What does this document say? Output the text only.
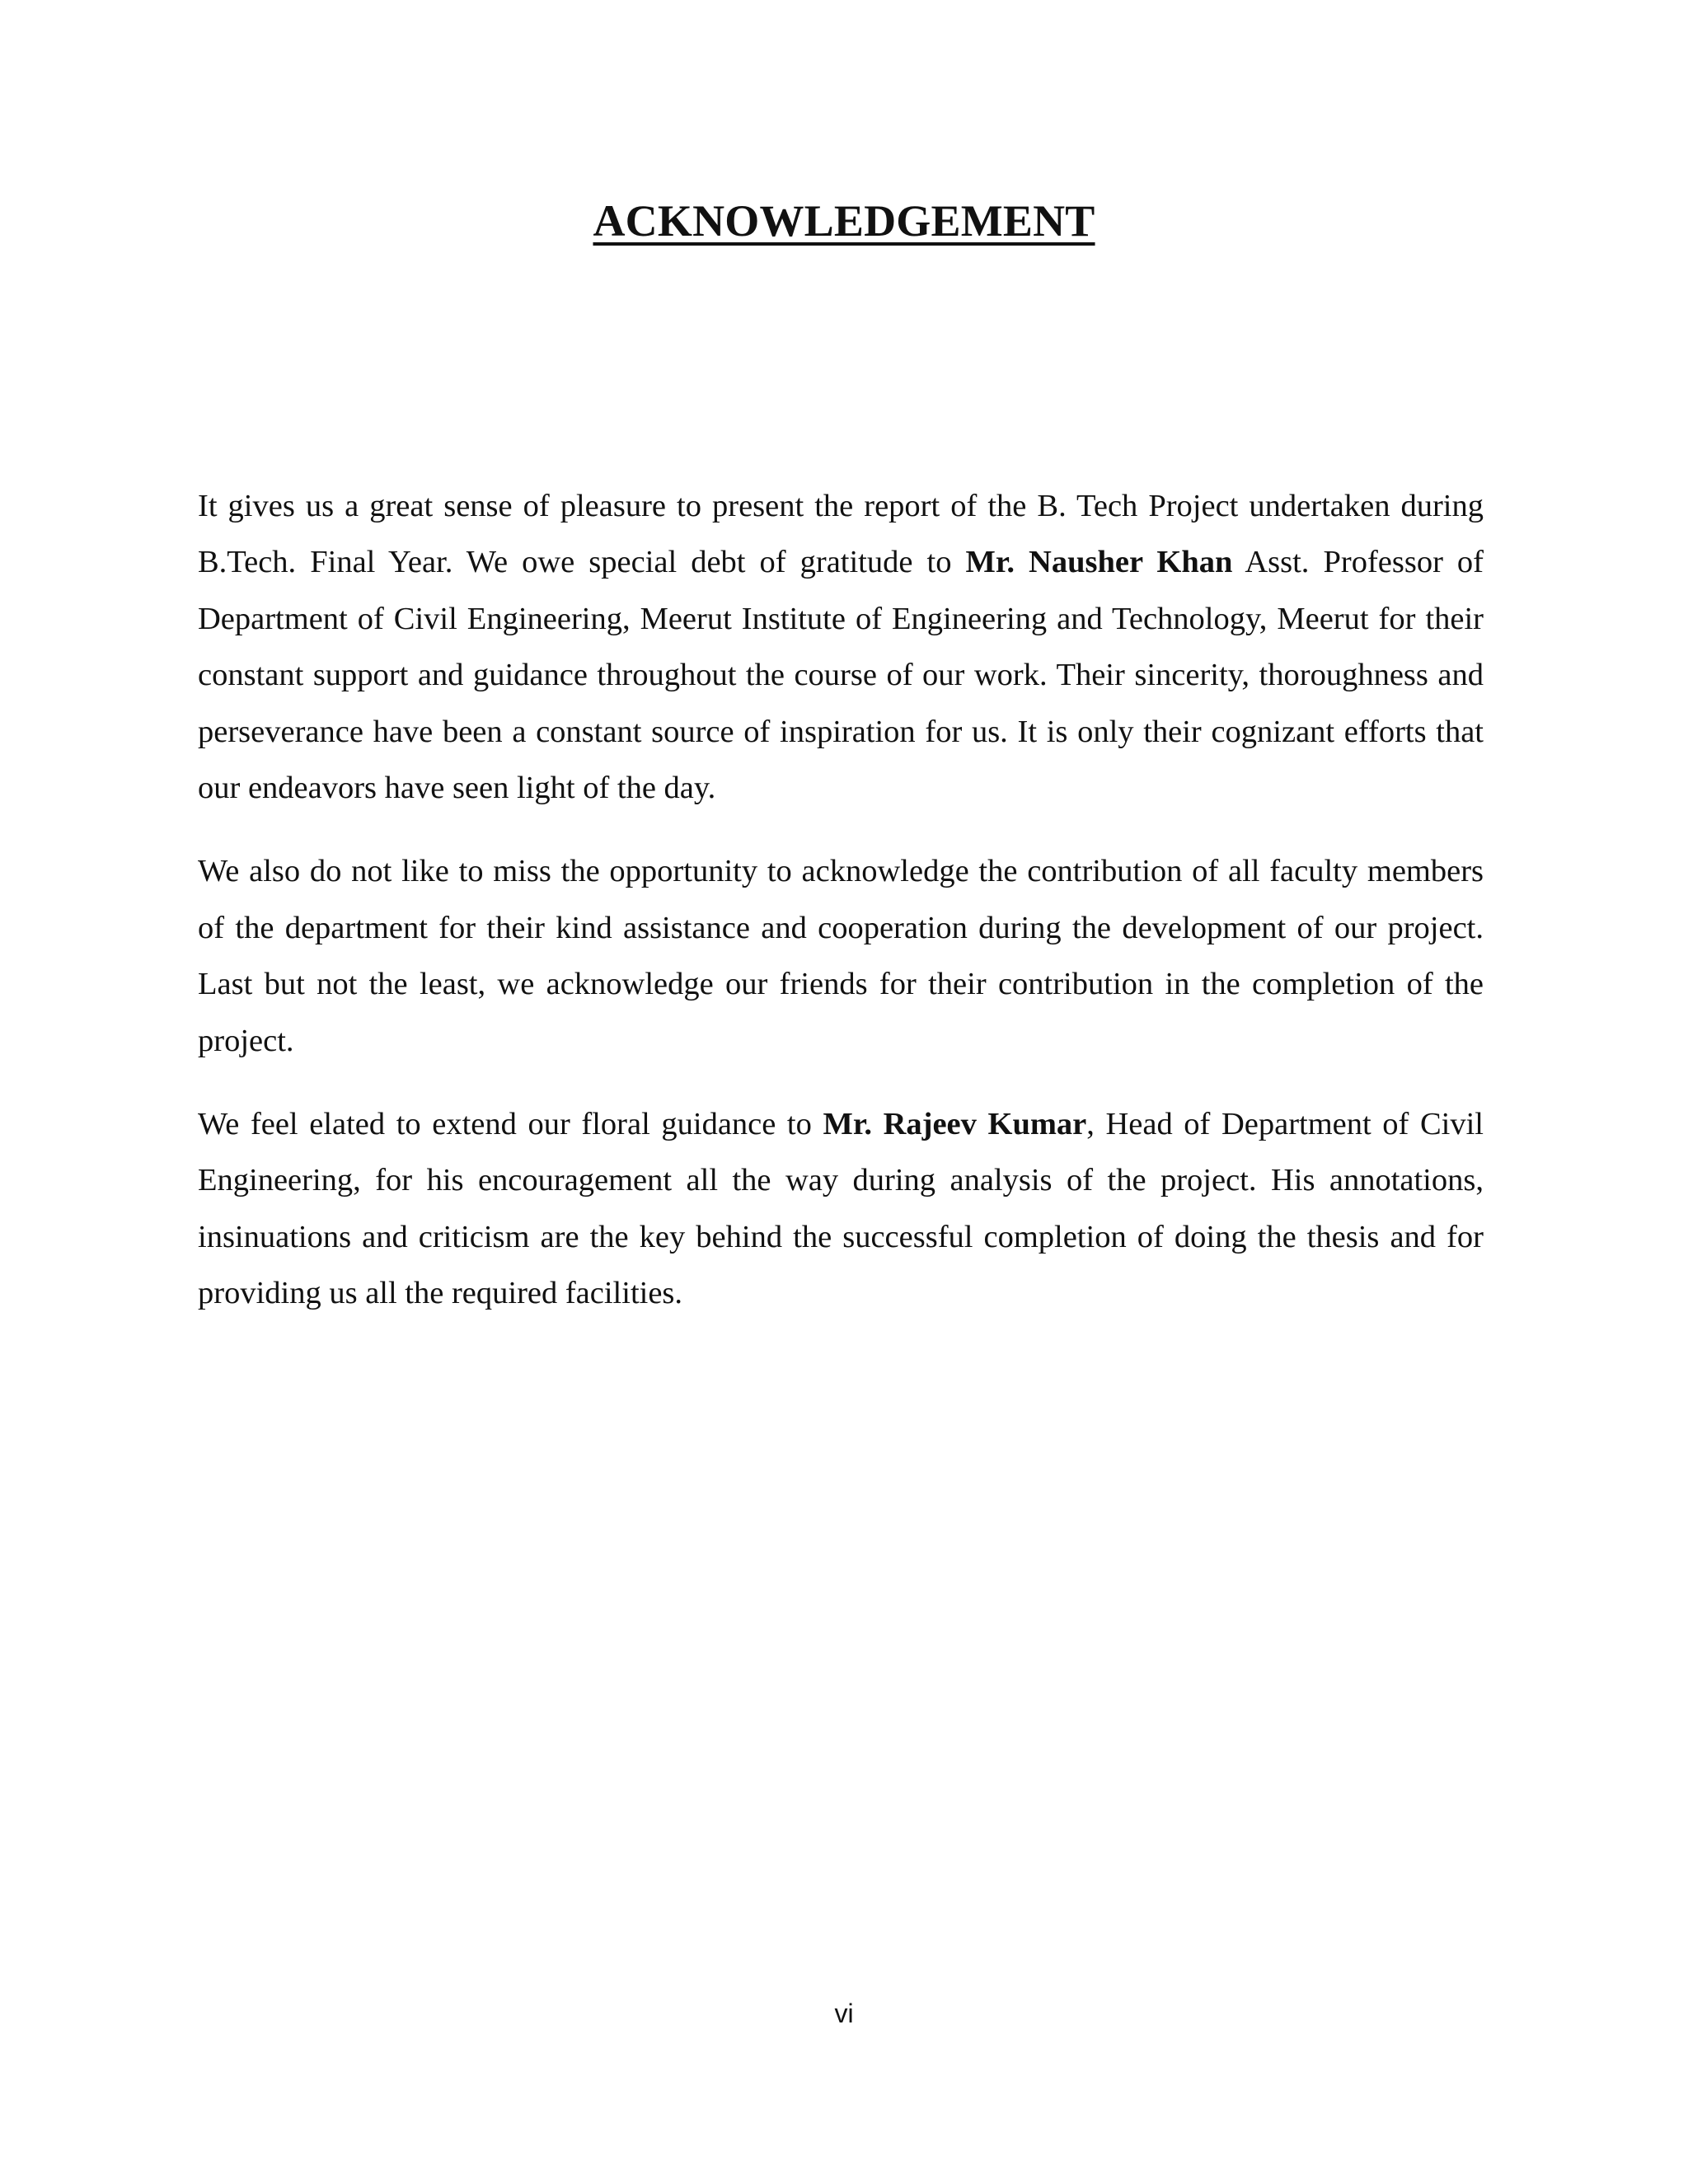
ACKNOWLEDGEMENT

It gives us a great sense of pleasure to present the report of the B. Tech Project undertaken during B.Tech. Final Year. We owe special debt of gratitude to Mr. Nausher Khan Asst. Professor of Department of Civil Engineering, Meerut Institute of Engineering and Technology, Meerut for their constant support and guidance throughout the course of our work. Their sincerity, thoroughness and perseverance have been a constant source of inspiration for us. It is only their cognizant efforts that our endeavors have seen light of the day.

We also do not like to miss the opportunity to acknowledge the contribution of all faculty members of the department for their kind assistance and cooperation during the development of our project. Last but not the least, we acknowledge our friends for their contribution in the completion of the project.

We feel elated to extend our floral guidance to Mr. Rajeev Kumar, Head of Department of Civil Engineering, for his encouragement all the way during analysis of the project. His annotations, insinuations and criticism are the key behind the successful completion of doing the thesis and for providing us all the required facilities.

vi
